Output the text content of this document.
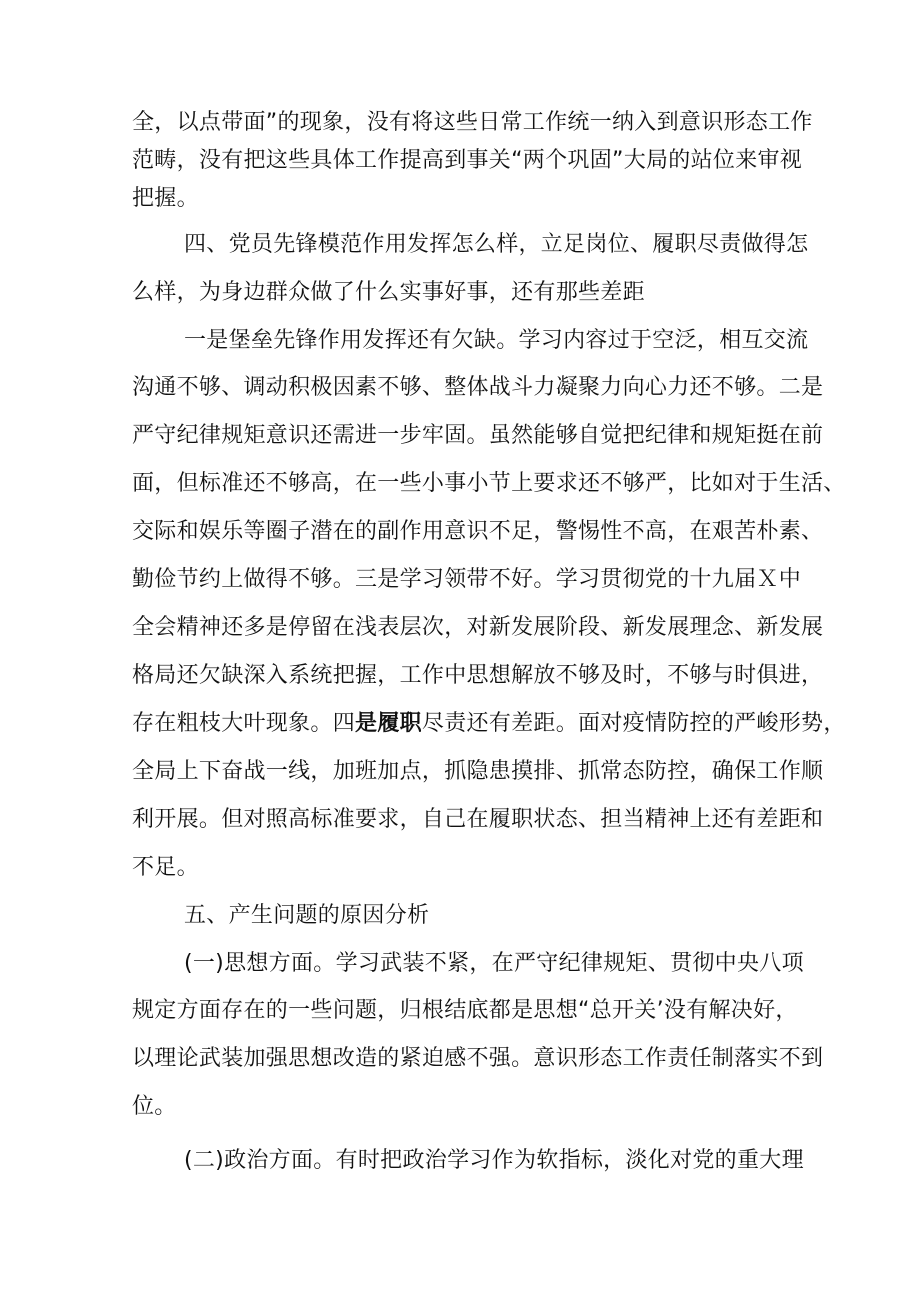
全，以点带面”的现象，没有将这些日常工作统一纳入到意识形态工作
范畴，没有把这些具体工作提高到事关“两个巩固”大局的站位来审视
把握。
四、党员先锋模范作用发挥怎么样，立足岗位、履职尽责做得怎
么样，为身边群众做了什么实事好事，还有那些差距
一是堡垒先锋作用发挥还有欠缺。学习内容过于空泛，相互交流
沟通不够、调动积极因素不够、整体战斗力凝聚力向心力还不够。二是
严守纪律规矩意识还需进一步牢固。虽然能够自觉把纪律和规矩挺在前
面，但标准还不够高，在一些小事小节上要求还不够严，比如对于生活、
交际和娱乐等圈子潜在的副作用意识不足，警惕性不高，在艰苦朴素、
勤俭节约上做得不够。三是学习领带不好。学习贯彻党的十九届Ｘ中
全会精神还多是停留在浅表层次，对新发展阶段、新发展理念、新发展
格局还欠缺深入系统把握，工作中思想解放不够及时，不够与时俱进，
存在粗枝大叶现象。四是履职尽责还有差距。面对疫情防控的严峻形势，
全局上下奋战一线，加班加点，抓隐患摸排、抓常态防控，确保工作顺
利开展。但对照高标准要求，自己在履职状态、担当精神上还有差距和
不足。
五、产生问题的原因分析
(一)思想方面。学习武装不紧，在严守纪律规矩、贯彻中央八项
规定方面存在的一些问题，归根结底都是思想“总开关’没有解决好，
以理论武装加强思想改造的紧迫感不强。意识形态工作责任制落实不到
位。
(二)政治方面。有时把政治学习作为软指标，淡化对党的重大理
